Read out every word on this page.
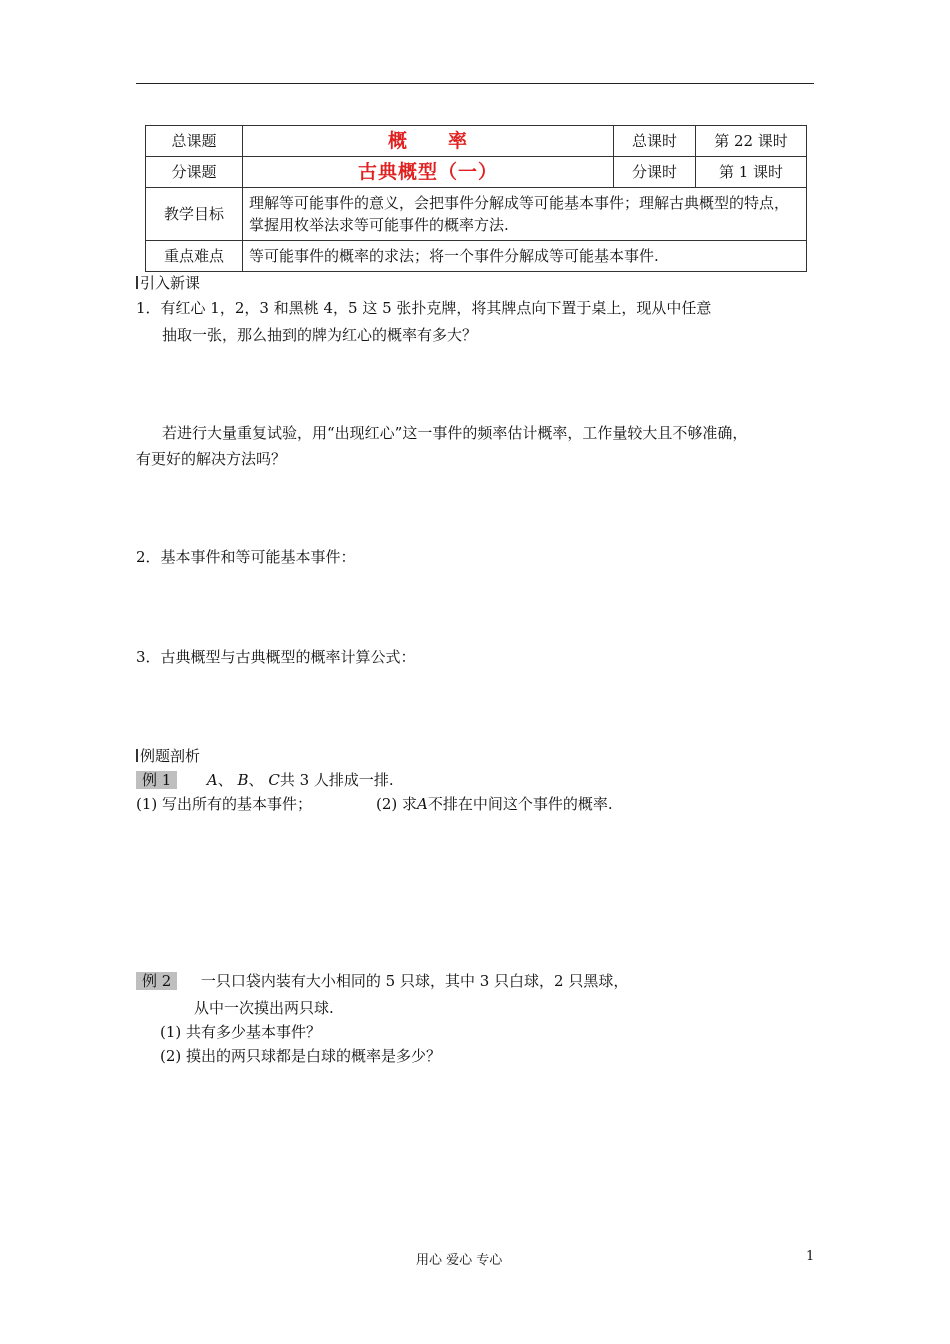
总课题	概　　率	总课时	第 22 课时
分课题	古典概型（一）	分课时	第 1 课时
教学目标	理解等可能事件的意义，会把事件分解成等可能基本事件；理解古典概型的特点，掌握用枚举法求等可能事件的概率方法.		
重点难点	等可能事件的概率的求法；将一个事件分解成等可能基本事件.		
引入新课
1．有红心 1，2，3 和黑桃 4，5 这 5 张扑克牌，将其牌点向下置于桌上，现从中任意
抽取一张，那么抽到的牌为红心的概率有多大？
若进行大量重复试验，用“出现红心”这一事件的频率估计概率，工作量较大且不够准确，
有更好的解决方法吗？
2．基本事件和等可能基本事件：
3．古典概型与古典概型的概率计算公式：
例题剖析
例 1 A、 B、 C共 3 人排成一排.
(1) 写出所有的基本事件；	(2) 求A不排在中间这个事件的概率.
例 2 一只口袋内装有大小相同的 5 只球，其中 3 只白球，2 只黑球，
从中一次摸出两只球.
(1) 共有多少基本事件？
(2) 摸出的两只球都是白球的概率是多少？
用心 爱心 专心	1
